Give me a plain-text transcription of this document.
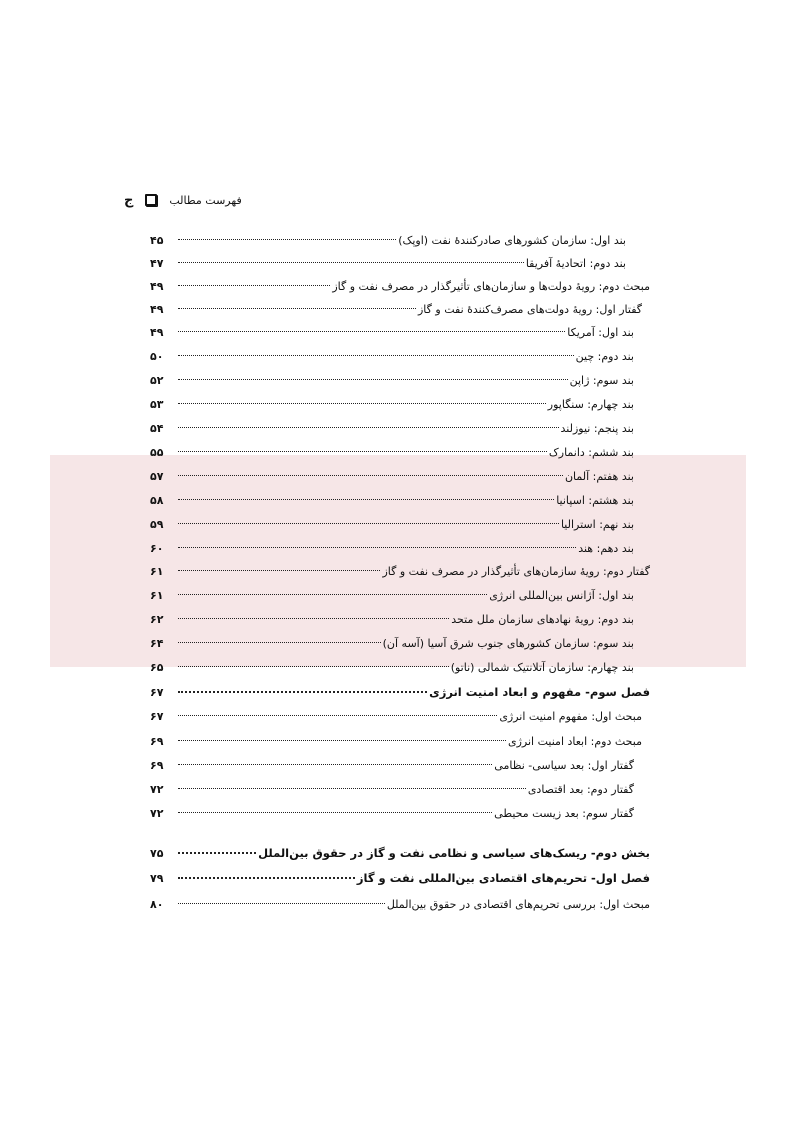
فهرست مطالب
ج
بند اول: سازمان کشورهای صادرکنندۀ نفت (اوپک)
۴۵
بند دوم: اتحادیۀ آفریقا
۴۷
مبحث دوم: رویۀ دولت‌ها و سازمان‌های تأثیرگذار در مصرف نفت و گاز
۴۹
گفتار اول: رویۀ دولت‌های مصرف‌کنندۀ نفت و گاز
۴۹
بند اول: آمریکا
۴۹
بند دوم: چین
۵۰
بند سوم: ژاپن
۵۲
بند چهارم: سنگاپور
۵۳
بند پنجم: نیوزلند
۵۴
بند ششم: دانمارک
۵۵
بند هفتم: آلمان
۵۷
بند هشتم: اسپانیا
۵۸
بند نهم: استرالیا
۵۹
بند دهم: هند
۶۰
گفتار دوم: رویۀ سازمان‌های تأثیرگذار در مصرف نفت و گاز
۶۱
بند اول: آژانس بین‌المللی انرژی
۶۱
بند دوم: رویۀ نهادهای سازمان ملل متحد
۶۲
بند سوم: سازمان کشورهای جنوب شرق آسیا (آسه آن)
۶۴
بند چهارم: سازمان آتلانتیک شمالی (ناتو)
۶۵
فصل سوم- مفهوم و ابعاد امنیت انرژی
۶۷
مبحث اول: مفهوم امنیت انرژی
۶۷
مبحث دوم: ابعاد امنیت انرژی
۶۹
گفتار اول: بعد سیاسی- نظامی
۶۹
گفتار دوم: بعد اقتصادی
۷۲
گفتار سوم: بعد زیست محیطی
۷۲
بخش دوم- ریسک‌های سیاسی و نظامی نفت و گاز در حقوق بین‌الملل
۷۵
فصل اول- تحریم‌های اقتصادی بین‌المللی نفت و گاز
۷۹
مبحث اول: بررسی تحریم‌های اقتصادی در حقوق بین‌الملل
۸۰
